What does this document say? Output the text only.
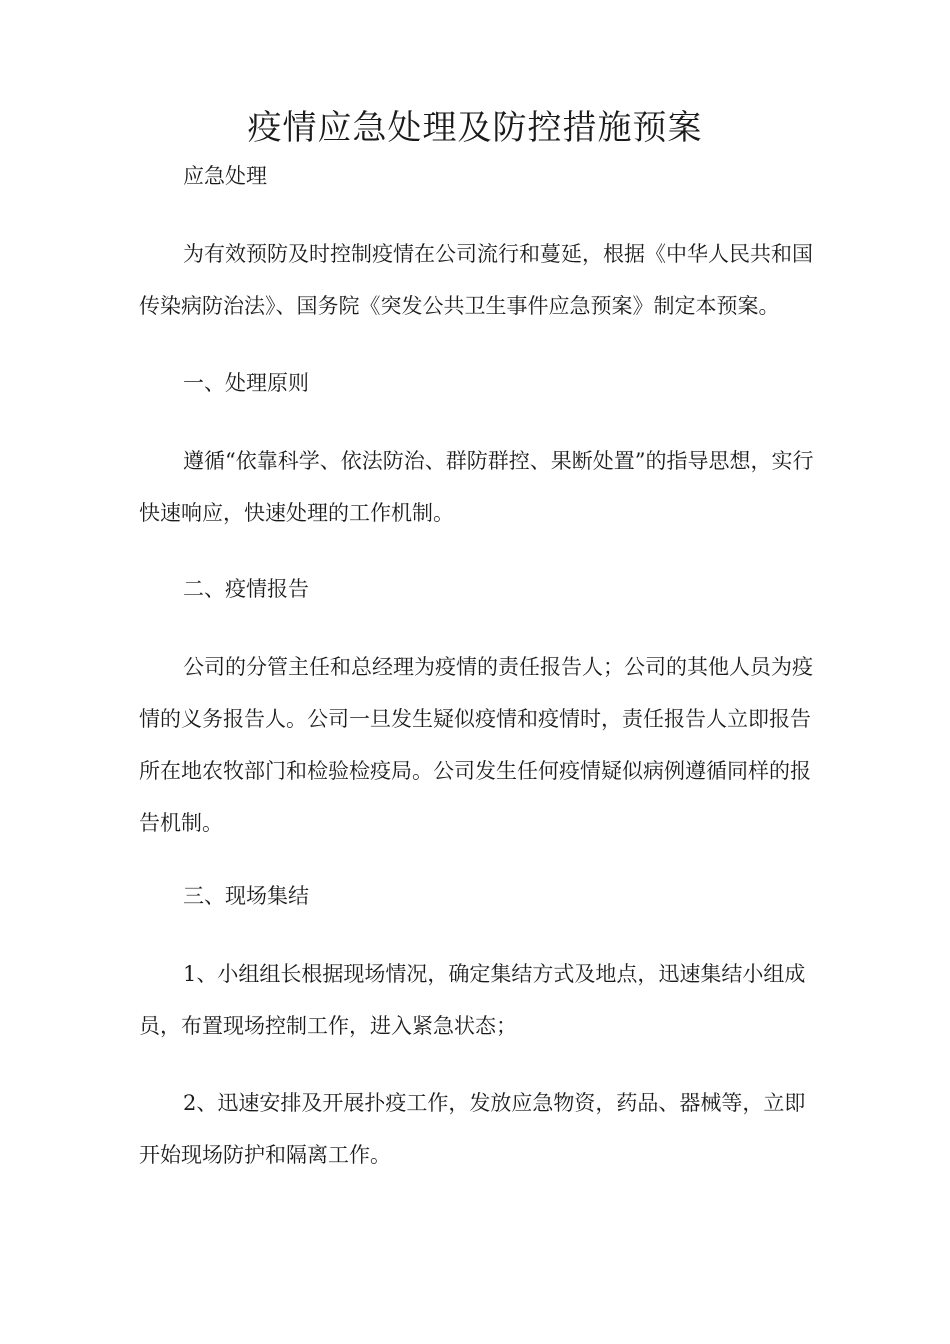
疫情应急处理及防控措施预案

应急处理

为有效预防及时控制疫情在公司流行和蔓延，根据《中华人民共和国传染病防治法》、国务院《突发公共卫生事件应急预案》制定本预案。

一、处理原则

遵循“依靠科学、依法防治、群防群控、果断处置”的指导思想，实行快速响应，快速处理的工作机制。

二、疫情报告

公司的分管主任和总经理为疫情的责任报告人；公司的其他人员为疫情的义务报告人。公司一旦发生疑似疫情和疫情时，责任报告人立即报告所在地农牧部门和检验检疫局。公司发生任何疫情疑似病例遵循同样的报告机制。

三、现场集结

1、小组组长根据现场情况，确定集结方式及地点，迅速集结小组成员，布置现场控制工作，进入紧急状态；

2、迅速安排及开展扑疫工作，发放应急物资，药品、器械等，立即开始现场防护和隔离工作。
